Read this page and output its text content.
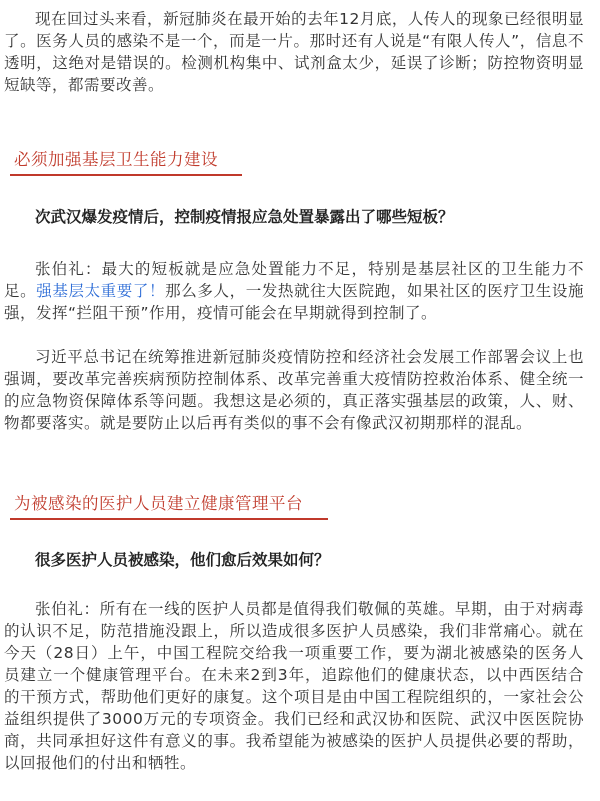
现在回过头来看，新冠肺炎在最开始的去年12月底，人传人的现象已经很明显了。医务人员的感染不是一个，而是一片。那时还有人说是“有限人传人”，信息不透明，这绝对是错误的。检测机构集中、试剂盒太少，延误了诊断；防控物资明显短缺等，都需要改善。

必须加强基层卫生能力建设

次武汉爆发疫情后，控制疫情报应急处置暴露出了哪些短板？

张伯礼：最大的短板就是应急处置能力不足，特别是基层社区的卫生能力不足。强基层太重要了！那么多人，一发热就往大医院跑，如果社区的医疗卫生设施强，发挥“拦阻干预”作用，疫情可能会在早期就得到控制了。

习近平总书记在统筹推进新冠肺炎疫情防控和经济社会发展工作部署会议上也强调，要改革完善疾病预防控制体系、改革完善重大疫情防控救治体系、健全统一的应急物资保障体系等问题。我想这是必须的，真正落实强基层的政策，人、财、物都要落实。就是要防止以后再有类似的事不会有像武汉初期那样的混乱。

为被感染的医护人员建立健康管理平台

很多医护人员被感染，他们愈后效果如何？

张伯礼：所有在一线的医护人员都是值得我们敬佩的英雄。早期，由于对病毒的认识不足，防范措施没跟上，所以造成很多医护人员感染，我们非常痛心。就在今天（28日）上午，中国工程院交给我一项重要工作，要为湖北被感染的医务人员建立一个健康管理平台。在未来2到3年，追踪他们的健康状态，以中西医结合的干预方式，帮助他们更好的康复。这个项目是由中国工程院组织的，一家社会公益组织提供了3000万元的专项资金。我们已经和武汉协和医院、武汉中医医院协商，共同承担好这件有意义的事。我希望能为被感染的医护人员提供必要的帮助，以回报他们的付出和牺牲。
